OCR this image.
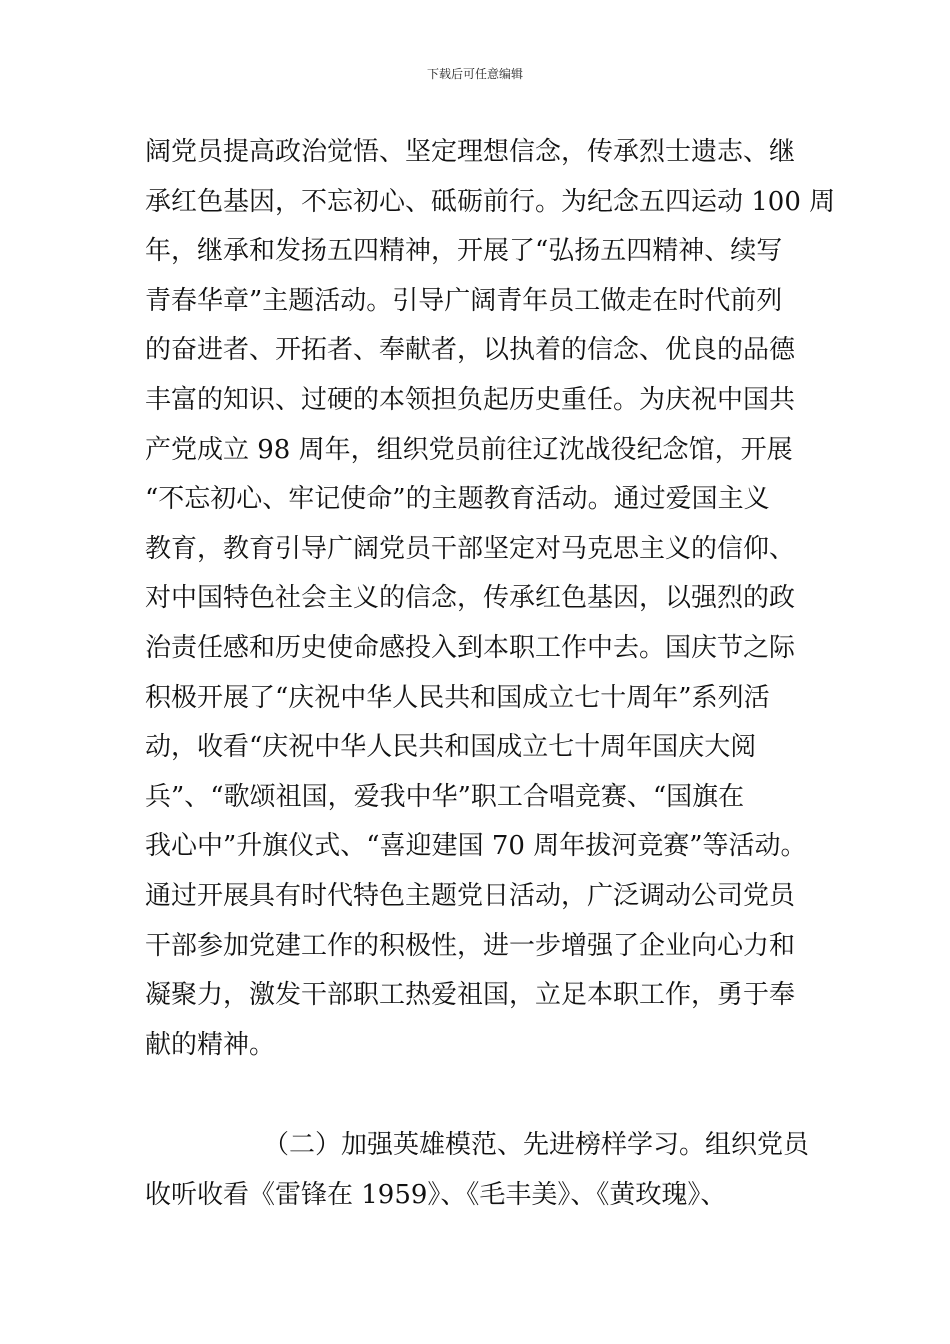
下载后可任意编辑
阔党员提高政治觉悟、坚定理想信念，传承烈士遗志、继
承红色基因，不忘初心、砥砺前行。为纪念五四运动 100 周
年，继承和发扬五四精神，开展了“弘扬五四精神、续写
青春华章”主题活动。引导广阔青年员工做走在时代前列
的奋进者、开拓者、奉献者，以执着的信念、优良的品德
丰富的知识、过硬的本领担负起历史重任。为庆祝中国共
产党成立 98 周年，组织党员前往辽沈战役纪念馆，开展
“不忘初心、牢记使命”的主题教育活动。通过爱国主义
教育，教育引导广阔党员干部坚定对马克思主义的信仰、
对中国特色社会主义的信念，传承红色基因，以强烈的政
治责任感和历史使命感投入到本职工作中去。国庆节之际
积极开展了“庆祝中华人民共和国成立七十周年”系列活
动，收看“庆祝中华人民共和国成立七十周年国庆大阅
兵”、“歌颂祖国，爱我中华”职工合唱竞赛、“国旗在
我心中”升旗仪式、“喜迎建国 70 周年拔河竞赛”等活动。
通过开展具有时代特色主题党日活动，广泛调动公司党员
干部参加党建工作的积极性，进一步增强了企业向心力和
凝聚力，激发干部职工热爱祖国，立足本职工作，勇于奉
献的精神。
（二）加强英雄模范、先进榜样学习。组织党员
收听收看《雷锋在 1959》、《毛丰美》、《黄玫瑰》、
